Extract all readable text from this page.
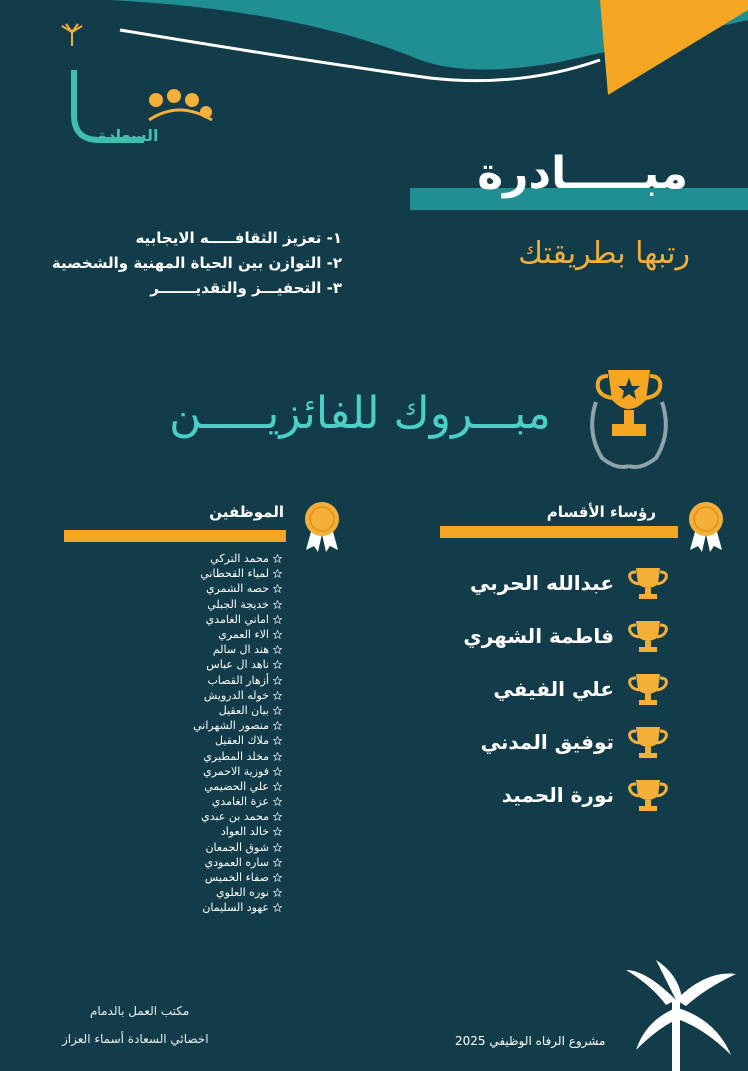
السعادة
مبـــــادرة
رتبها بطريقتك
١- تعزيز الثقافـــــه الايجابيه
٢- التوازن بين الحياة المهنية والشخصية
٣- التحفيـــز والتقديـــــــر
مبـــروك للفائزيـــــن
رؤساء الأقسام
الموظفين
عبدالله الحربي
فاطمة الشهري
علي الفيفي
توفيق المدني
نورة الحميد
محمد التركي
لمياء القحطاني
حصه الشمري
خديجة الجبلي
اماني الغامدي
الاء العمري
هند ال سالم
ناهد ال عباس
أزهار القصاب
خوله الدرويش
بيان العقيل
منصور الشهراني
ملاك العقيل
مخلد المطيري
فوزية الاحمري
علي الحضيمي
عزة الغامدي
محمد بن عبدي
خالد العواد
شوق الجمعان
ساره العمودي
صفاء الخميس
نوره العلوي
عهود السليمان
مكتب العمل بالدمام
اخصائي السعادة أسماء العزاز	مشروع الرفاه الوظيفي 2025
